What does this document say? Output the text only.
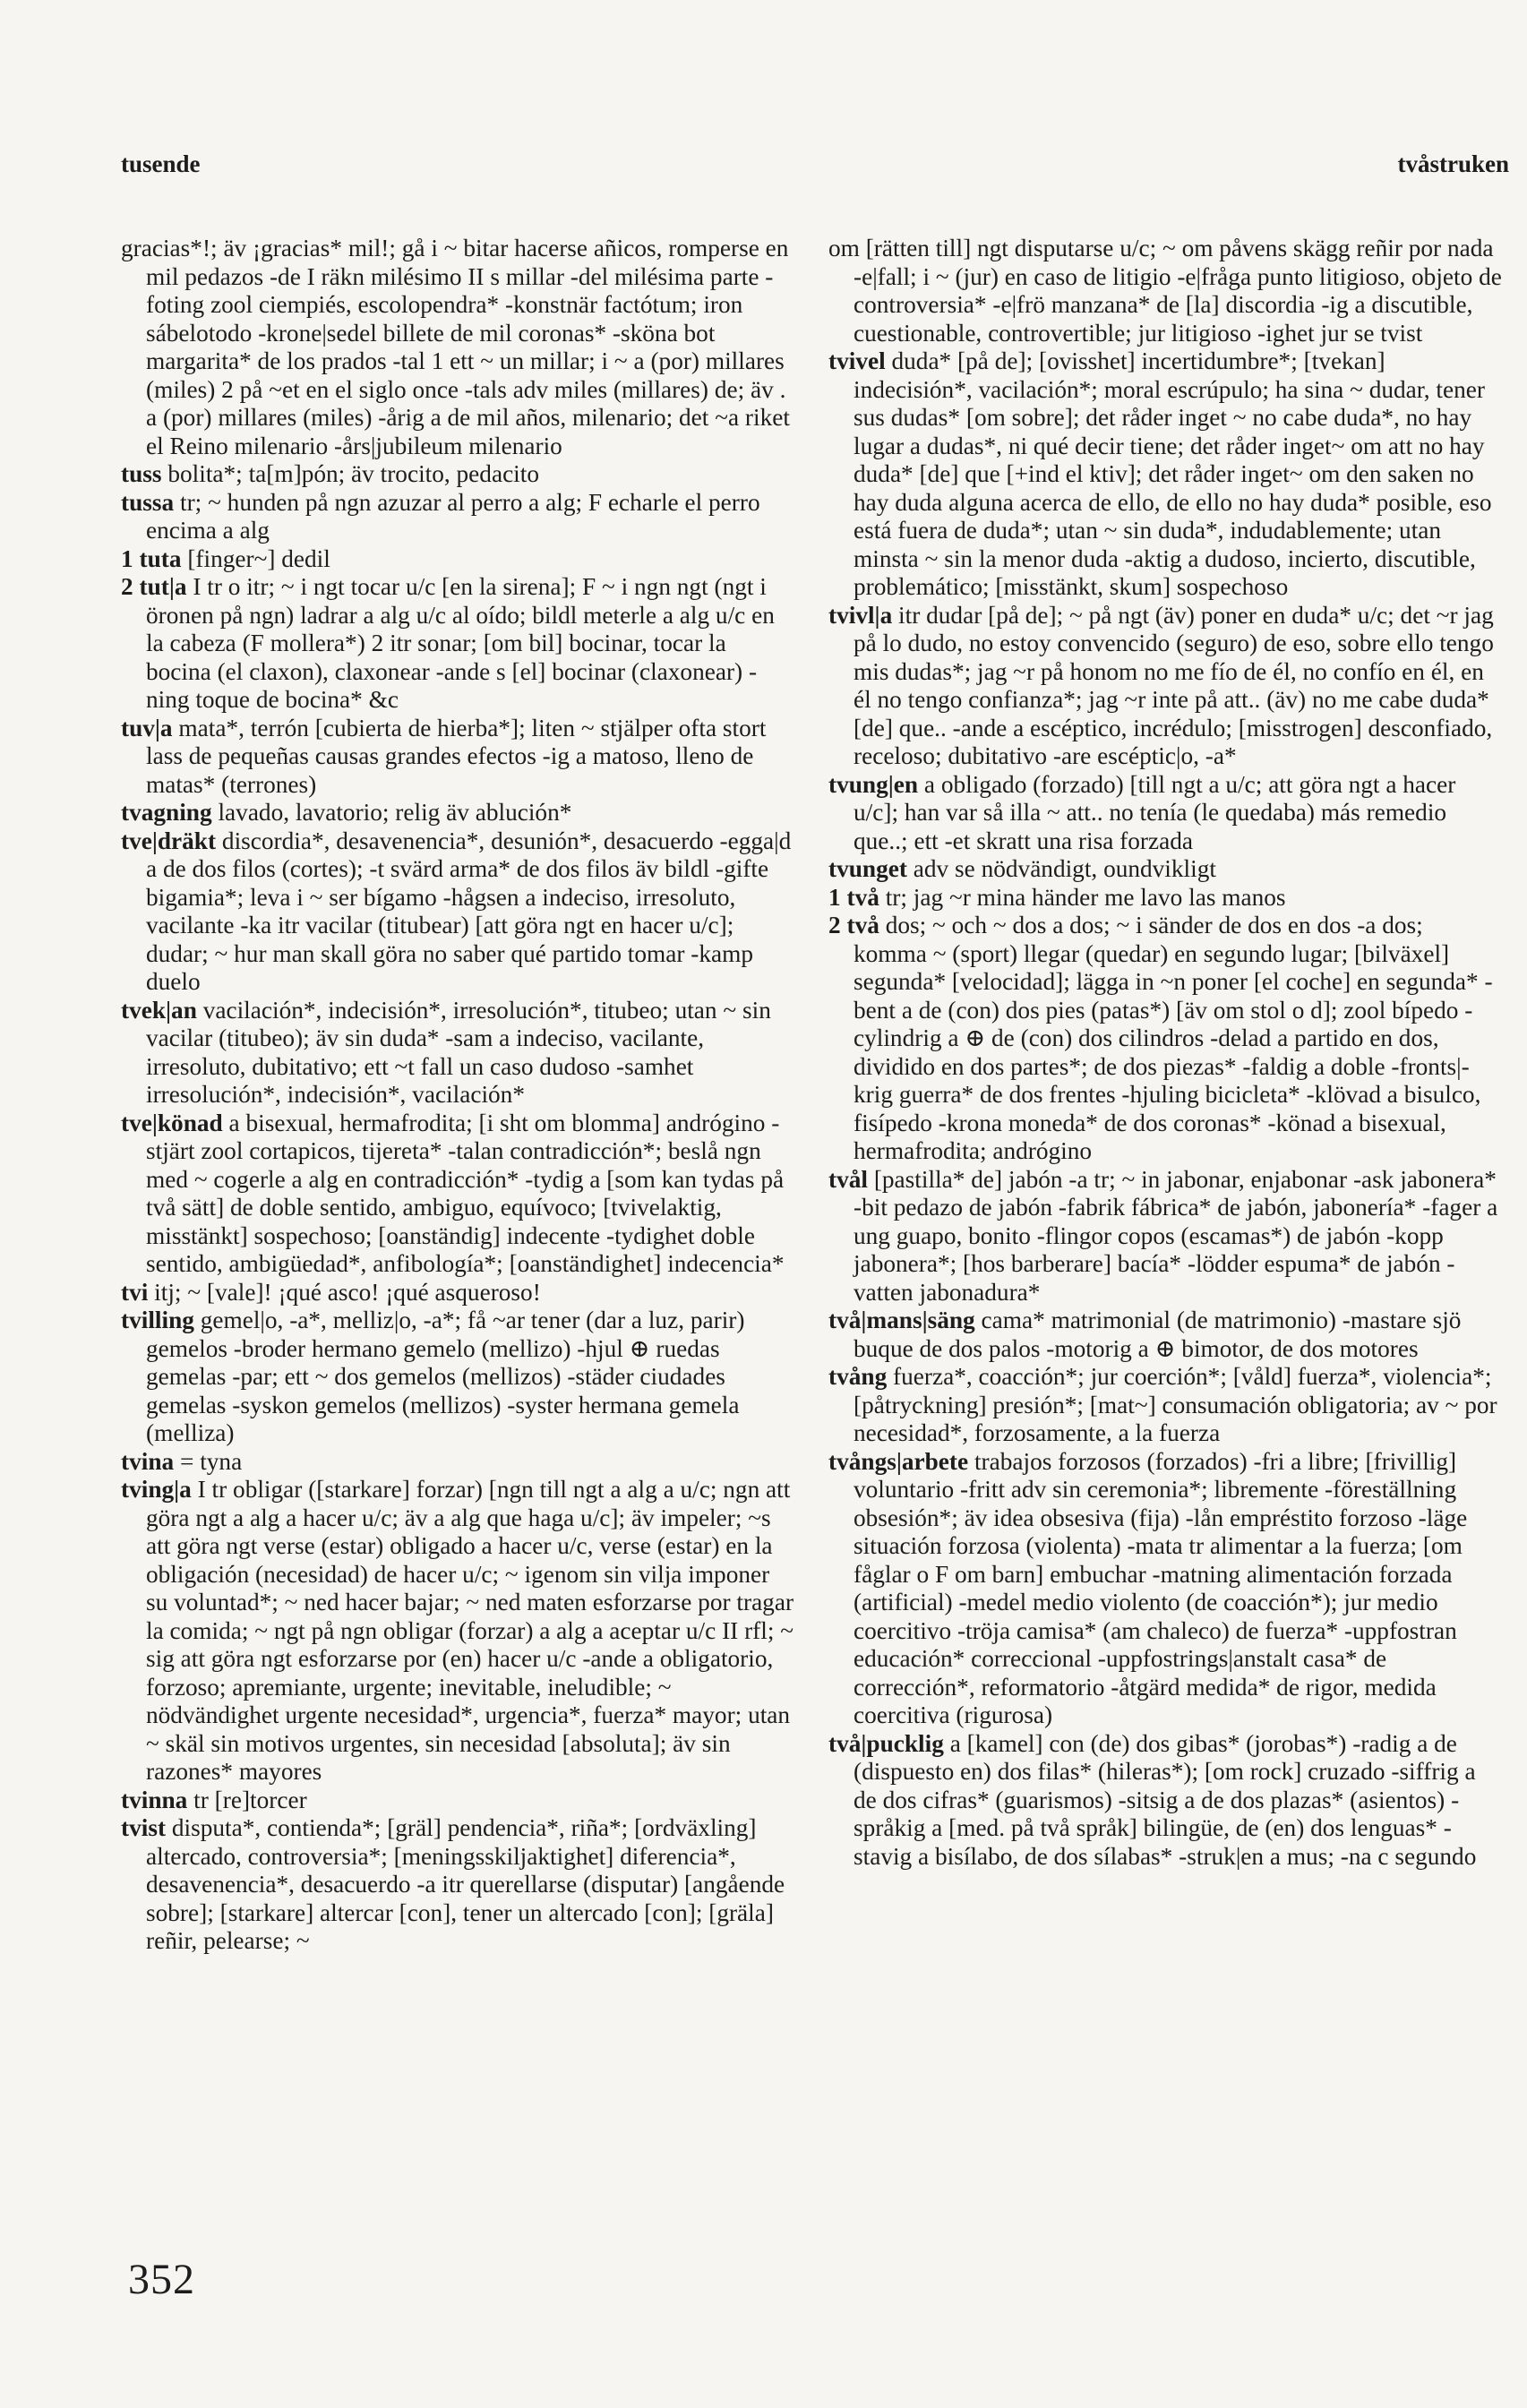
tusende	tvåstruken
gracias*!; äv ¡gracias* mil!; gå i ~ bitar hacerse añicos, romperse en mil pedazos -de I räkn milésimo II s millar -del milésima parte -foting zool ciempiés, escolopendra* -konstnär factótum; iron sábelotodo -krone|sedel billete de mil coronas* -sköna bot margarita* de los prados -tal 1 ett ~ un millar; i ~ a (por) millares (miles) 2 på ~et en el siglo once -tals adv miles (millares) de; äv . a (por) millares (miles) -årig a de mil años, milenario; det ~a riket el Reino milenario -års|jubileum milenario
tuss bolita*; ta[m]pón; äv trocito, pedacito
tussa tr; ~ hunden på ngn azuzar al perro a alg; F echarle el perro encima a alg
1 tuta [finger~] dedil
2 tut|a I tr o itr; ~ i ngt tocar u/c [en la sirena]; F ~ i ngn ngt (ngt i öronen på ngn) ladrar a alg u/c al oído; bildl meterle a alg u/c en la cabeza (F mollera*) 2 itr sonar; [om bil] bocinar, tocar la bocina (el claxon), claxonear -ande s [el] bocinar (claxonear) -ning toque de bocina* &c
tuv|a mata*, terrón [cubierta de hierba*]; liten ~ stjälper ofta stort lass de pequeñas causas grandes efectos -ig a matoso, lleno de matas* (terrones)
tvagning lavado, lavatorio; relig äv ablución*
tve|dräkt discordia*, desavenencia*, desunión*, desacuerdo -egga|d a de dos filos (cortes); -t svärd arma* de dos filos äv bildl -gifte bigamia*; leva i ~ ser bígamo -hågsen a indeciso, irresoluto, vacilante -ka itr vacilar (titubear) [att göra ngt en hacer u/c]; dudar; ~ hur man skall göra no saber qué partido tomar -kamp duelo
tvek|an vacilación*, indecisión*, irresolución*, titubeo; utan ~ sin vacilar (titubeo); äv sin duda* -sam a indeciso, vacilante, irresoluto, dubitativo; ett ~t fall un caso dudoso -samhet irresolución*, indecisión*, vacilación*
tve|könad a bisexual, hermafrodita; [i sht om blomma] andrógino -stjärt zool cortapicos, tijereta* -talan contradicción*; beslå ngn med ~ cogerle a alg en contradicción* -tydig a [som kan tydas på två sätt] de doble sentido, ambiguo, equívoco; [tvivelaktig, misstänkt] sospechoso; [oanständig] indecente -tydighet doble sentido, ambigüedad*, anfibología*; [oanständighet] indecencia*
tvi itj; ~ [vale]! ¡qué asco! ¡qué asqueroso!
tvilling gemel|o, -a*, melliz|o, -a*; få ~ar tener (dar a luz, parir) gemelos -broder hermano gemelo (mellizo) -hjul ⊕ ruedas gemelas -par; ett ~ dos gemelos (mellizos) -städer ciudades gemelas -syskon gemelos (mellizos) -syster hermana gemela (melliza)
tvina = tyna
tving|a I tr obligar ([starkare] forzar) [ngn till ngt a alg a u/c; ngn att göra ngt a alg a hacer u/c; äv a alg que haga u/c]; äv impeler; ~s att göra ngt verse (estar) obligado a hacer u/c, verse (estar) en la obligación (necesidad) de hacer u/c; ~ igenom sin vilja imponer su voluntad*; ~ ned hacer bajar; ~ ned maten esforzarse por tragar la comida; ~ ngt på ngn obligar (forzar) a alg a aceptar u/c II rfl; ~ sig att göra ngt esforzarse por (en) hacer u/c -ande a obligatorio, forzoso; apremiante, urgente; inevitable, ineludible; ~ nödvändighet urgente necesidad*, urgencia*, fuerza* mayor; utan ~ skäl sin motivos urgentes, sin necesidad [absoluta]; äv sin razones* mayores
tvinna tr [re]torcer
tvist disputa*, contienda*; [gräl] pendencia*, riña*; [ordväxling] altercado, controversia*; [meningsskiljaktighet] diferencia*, desavenencia*, desacuerdo -a itr querellarse (disputar) [angående sobre]; [starkare] altercar [con], tener un altercado [con]; [gräla] reñir, pelearse; ~
om [rätten till] ngt disputarse u/c; ~ om påvens skägg reñir por nada -e|fall; i ~ (jur) en caso de litigio -e|fråga punto litigioso, objeto de controversia* -e|frö manzana* de [la] discordia -ig a discutible, cuestionable, controvertible; jur litigioso -ighet jur se tvist
tvivel duda* [på de]; [ovisshet] incertidumbre*; [tvekan] indecisión*, vacilación*; moral escrúpulo; ha sina ~ dudar, tener sus dudas* [om sobre]; det råder inget ~ no cabe duda*, no hay lugar a dudas*, ni qué decir tiene; det råder inget~ om att no hay duda* [de] que [+ind el ktiv]; det råder inget~ om den saken no hay duda alguna acerca de ello, de ello no hay duda* posible, eso está fuera de duda*; utan ~ sin duda*, indudablemente; utan minsta ~ sin la menor duda -aktig a dudoso, incierto, discutible, problemático; [misstänkt, skum] sospechoso
tvivl|a itr dudar [på de]; ~ på ngt (äv) poner en duda* u/c; det ~r jag på lo dudo, no estoy convencido (seguro) de eso, sobre ello tengo mis dudas*; jag ~r på honom no me fío de él, no confío en él, en él no tengo confianza*; jag ~r inte på att.. (äv) no me cabe duda* [de] que.. -ande a escéptico, incrédulo; [misstrogen] desconfiado, receloso; dubitativo -are escéptic|o, -a*
tvung|en a obligado (forzado) [till ngt a u/c; att göra ngt a hacer u/c]; han var så illa ~ att.. no tenía (le quedaba) más remedio que..; ett -et skratt una risa forzada
tvunget adv se nödvändigt, oundvikligt
1 två tr; jag ~r mina händer me lavo las manos
2 två dos; ~ och ~ dos a dos; ~ i sänder de dos en dos -a dos; komma ~ (sport) llegar (quedar) en segundo lugar; [bilväxel] segunda* [velocidad]; lägga in ~n poner [el coche] en segunda* -bent a de (con) dos pies (patas*) [äv om stol o d]; zool bípedo -cylindrig a ⊕ de (con) dos cilindros -delad a partido en dos, dividido en dos partes*; de dos piezas* -faldig a doble -fronts|-krig guerra* de dos frentes -hjuling bicicleta* -klövad a bisulco, fisípedo -krona moneda* de dos coronas* -könad a bisexual, hermafrodita; andrógino
tvål [pastilla* de] jabón -a tr; ~ in jabonar, enjabonar -ask jabonera* -bit pedazo de jabón -fabrik fábrica* de jabón, jabonería* -fager a ung guapo, bonito -flingor copos (escamas*) de jabón -kopp jabonera*; [hos barberare] bacía* -lödder espuma* de jabón -vatten jabonadura*
två|mans|säng cama* matrimonial (de matrimonio) -mastare sjö buque de dos palos -motorig a ⊕ bimotor, de dos motores
tvång fuerza*, coacción*; jur coerción*; [våld] fuerza*, violencia*; [påtryckning] presión*; [mat~] consumación obligatoria; av ~ por necesidad*, forzosamente, a la fuerza
tvångs|arbete trabajos forzosos (forzados) -fri a libre; [frivillig] voluntario -fritt adv sin ceremonia*; libremente -föreställning obsesión*; äv idea obsesiva (fija) -lån empréstito forzoso -läge situación forzosa (violenta) -mata tr alimentar a la fuerza; [om fåglar o F om barn] embuchar -matning alimentación forzada (artificial) -medel medio violento (de coacción*); jur medio coercitivo -tröja camisa* (am chaleco) de fuerza* -uppfostran educación* correccional -uppfostrings|anstalt casa* de corrección*, reformatorio -åtgärd medida* de rigor, medida coercitiva (rigurosa)
två|pucklig a [kamel] con (de) dos gibas* (jorobas*) -radig a de (dispuesto en) dos filas* (hileras*); [om rock] cruzado -siffrig a de dos cifras* (guarismos) -sitsig a de dos plazas* (asientos) -språkig a [med. på två språk] bilingüe, de (en) dos lenguas* -stavig a bisílabo, de dos sílabas* -struk|en a mus; -na c segundo
352
